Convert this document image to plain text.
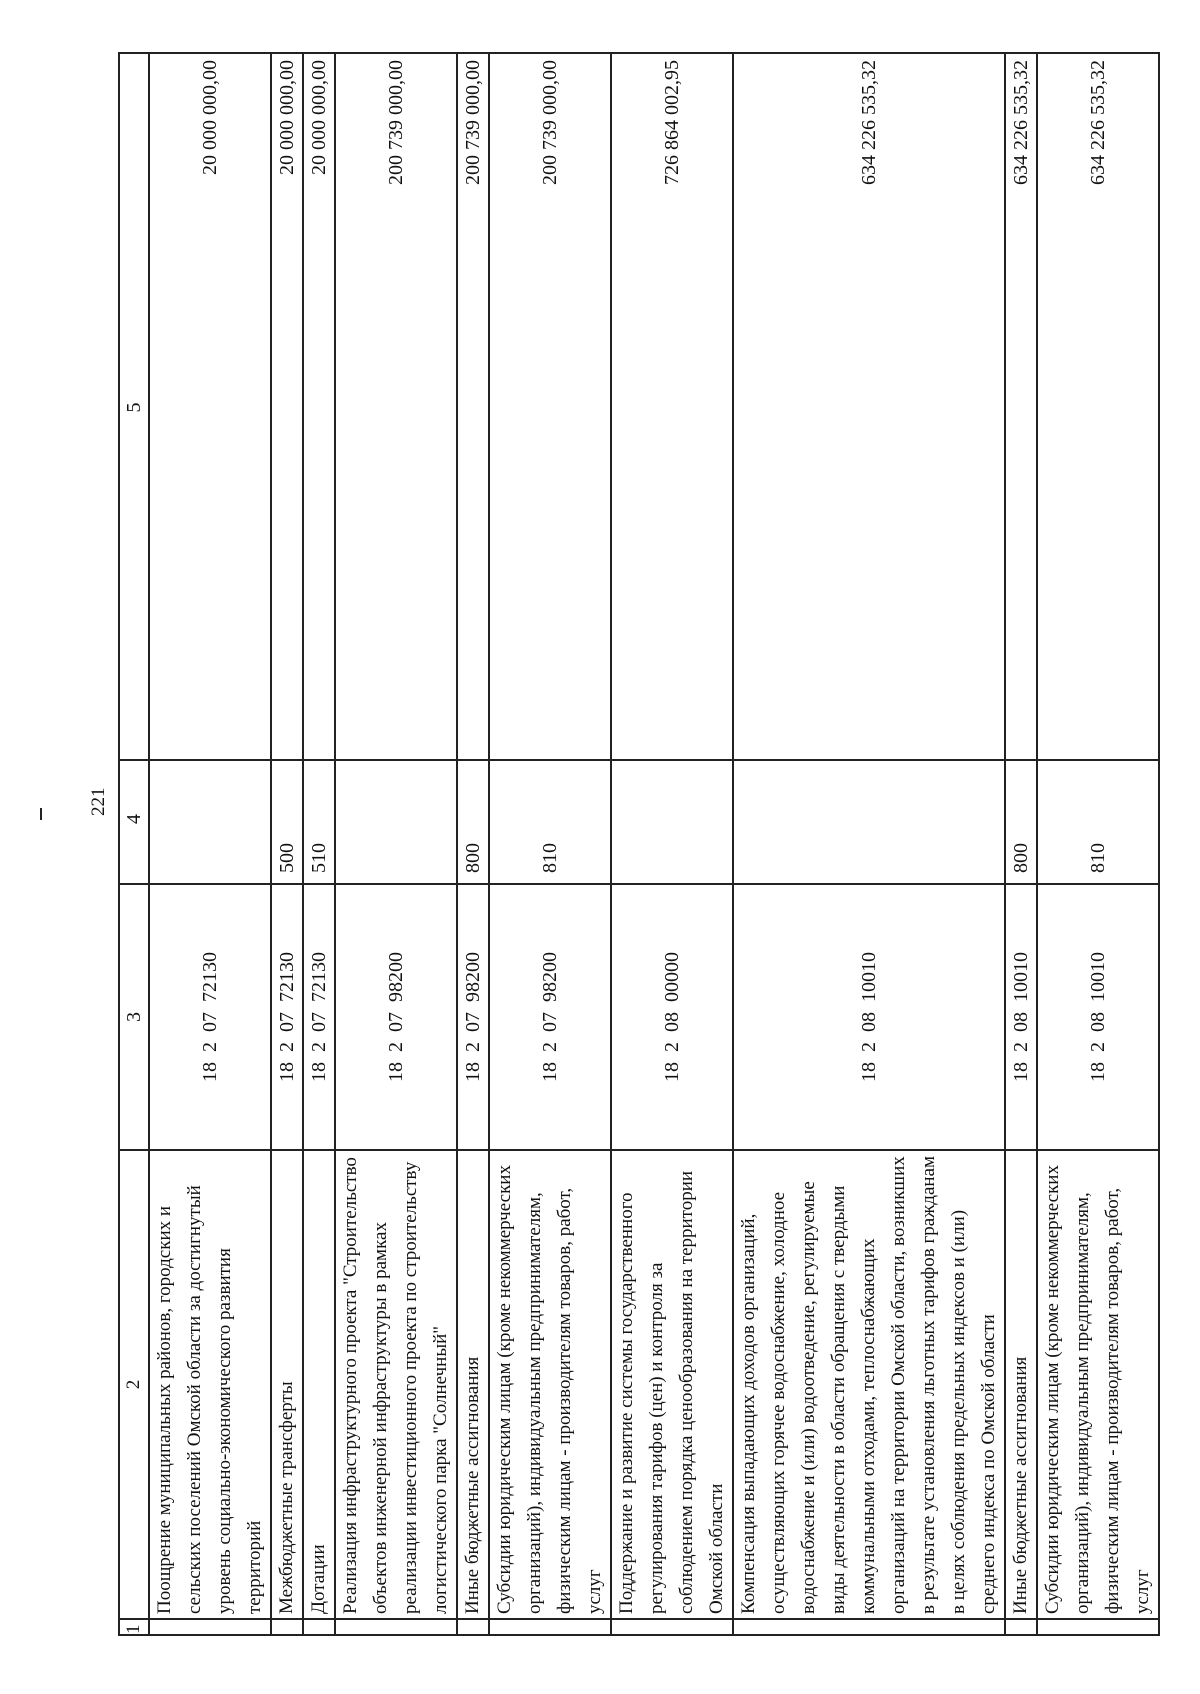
221
1	2	3	4	5
	Поощрение муниципальных районов, городских и сельских поселений Омской области за достигнутый уровень социально-экономического развития территорий	18  2  07  72130		20 000 000,00
	Межбюджетные трансферты	18  2  07  72130	500	20 000 000,00
	Дотации	18  2  07  72130	510	20 000 000,00
	Реализация инфраструктурного проекта "Строительство объектов инженерной инфраструктуры в рамках реализации инвестиционного проекта по строительству логистического парка "Солнечный"	18  2  07  98200		200 739 000,00
	Иные бюджетные ассигнования	18  2  07  98200	800	200 739 000,00
	Субсидии юридическим лицам (кроме некоммерческих организаций), индивидуальным предпринимателям, физическим лицам - производителям товаров, работ, услуг	18  2  07  98200	810	200 739 000,00
	Поддержание и развитие системы государственного регулирования тарифов (цен) и контроля за соблюдением порядка ценообразования на территории Омской области	18  2  08  00000		726 864 002,95
	Компенсация выпадающих доходов организаций, осуществляющих горячее водоснабжение, холодное водоснабжение и (или) водоотведение, регулируемые виды деятельности в области обращения с твердыми коммунальными отходами, теплоснабжающих организаций на территории Омской области, возникших в результате установления льготных тарифов гражданам в целях соблюдения предельных индексов и (или) среднего индекса по Омской области	18  2  08  10010		634 226 535,32
	Иные бюджетные ассигнования	18  2  08  10010	800	634 226 535,32
	Субсидии юридическим лицам (кроме некоммерческих организаций), индивидуальным предпринимателям, физическим лицам - производителям товаров, работ, услуг	18  2  08  10010	810	634 226 535,32
